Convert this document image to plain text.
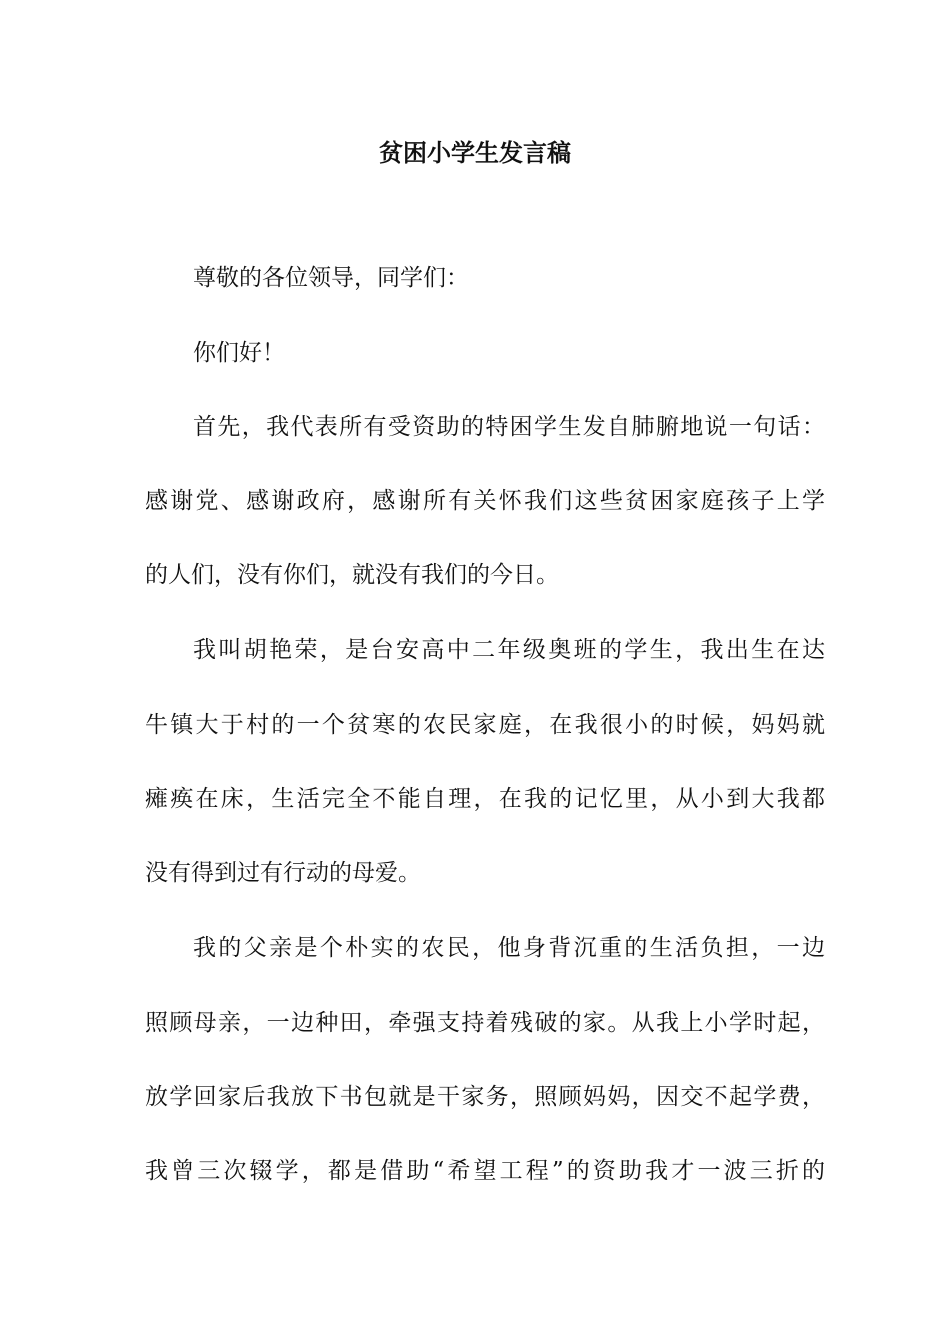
贫困小学生发言稿
尊敬的各位领导，同学们：
你们好！
首先，我代表所有受资助的特困学生发自肺腑地说一句话：
感谢党、感谢政府，感谢所有关怀我们这些贫困家庭孩子上学
的人们，没有你们，就没有我们的今日。
我叫胡艳荣，是台安高中二年级奥班的学生，我出生在达
牛镇大于村的一个贫寒的农民家庭，在我很小的时候，妈妈就
瘫痪在床，生活完全不能自理，在我的记忆里，从小到大我都
没有得到过有行动的母爱。
我的父亲是个朴实的农民，他身背沉重的生活负担，一边
照顾母亲，一边种田，牵强支持着残破的家。从我上小学时起，
放学回家后我放下书包就是干家务，照顾妈妈，因交不起学费，
我曾三次辍学，都是借助“希望工程”的资助我才一波三折的
